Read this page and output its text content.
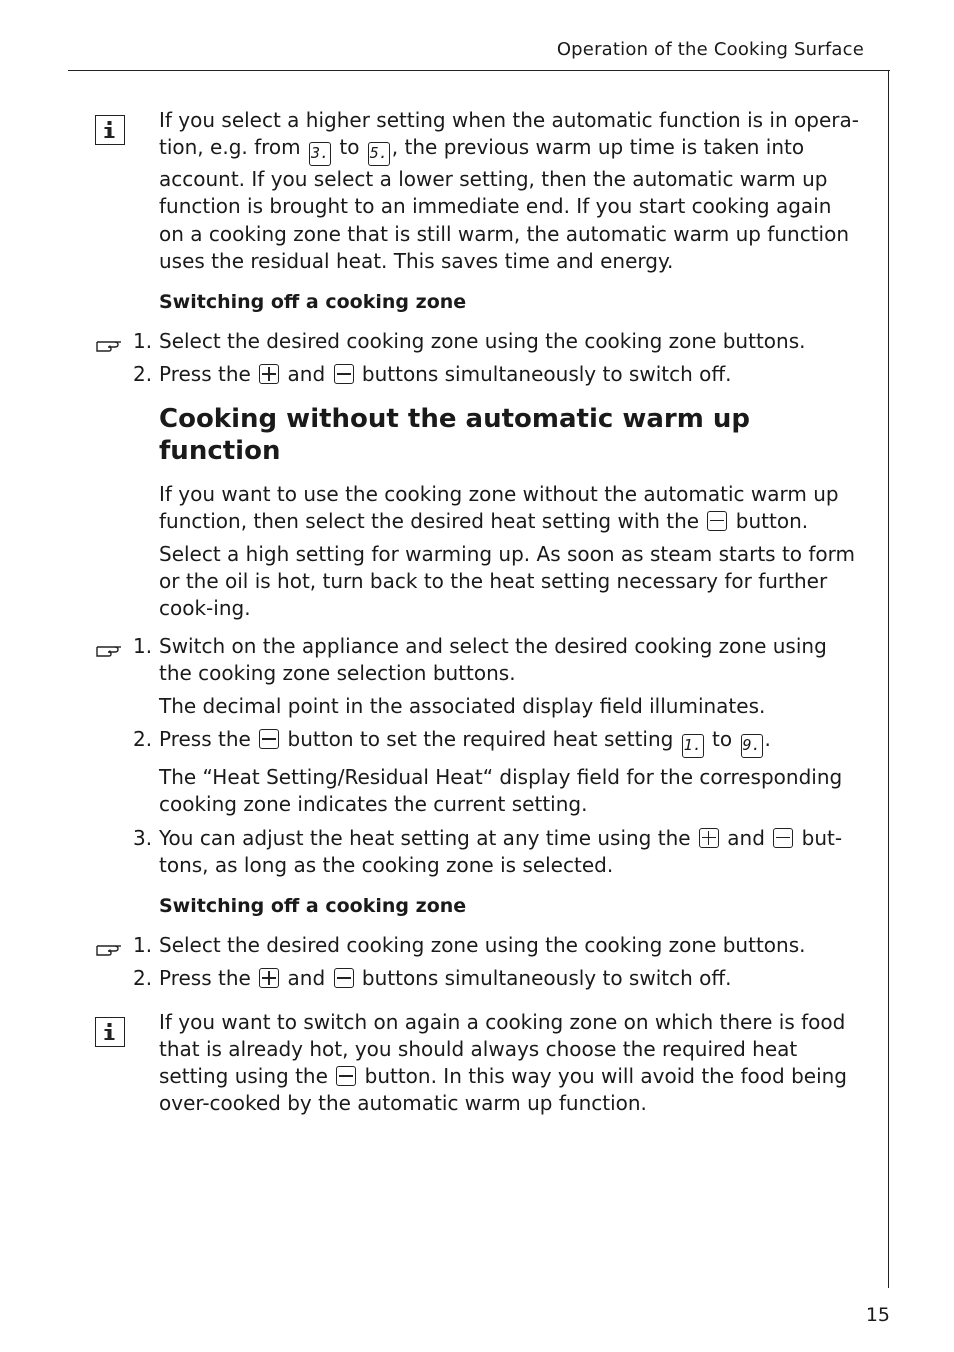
Operation of the Cooking Surface

If you select a higher setting when the automatic function is in opera-tion, e.g. from 3. to 5. , the previous warm up time is taken into account. If you select a lower setting, then the automatic warm up function is brought to an immediate end. If you start cooking again on a cooking zone that is still warm, the automatic warm up function uses the residual heat. This saves time and energy.

Switching off a cooking zone
1. Select the desired cooking zone using the cooking zone buttons.

2. Press the
and
buttons simultaneously to switch off.

Cooking without the automatic warm up function

If you want to use the cooking zone without the automatic warm up function, then select the desired heat setting with the
button.

Select a high setting for warming up. As soon as steam starts to form or the oil is hot, turn back to the heat setting necessary for further cook-ing.

1. Switch on the appliance and select the desired cooking zone using the cooking zone selection buttons.

The decimal point in the associated display field illuminates.

2. Press the
button to set the required heat setting 1. to 9. .

The “Heat Setting/Residual Heat“ display field for the corresponding cooking zone indicates the current setting.

3. You can adjust the heat setting at any time using the
and
but-tons, as long as the cooking zone is selected.

Switching off a cooking zone
1. Select the desired cooking zone using the cooking zone buttons.

2. Press the
and
buttons simultaneously to switch off.

If you want to switch on again a cooking zone on which there is food that is already hot, you should always choose the required heat setting using the
button. In this way you will avoid the food being over-cooked by the automatic warm up function.

15
